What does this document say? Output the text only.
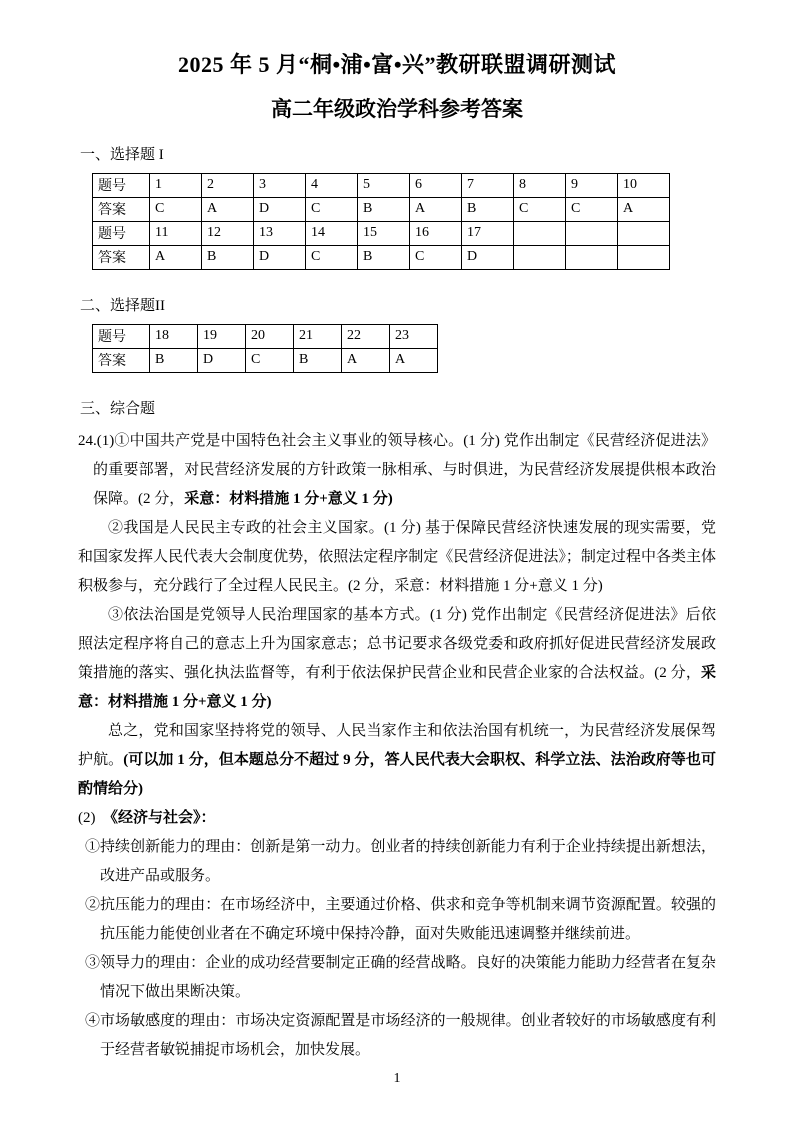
2025 年 5 月“桐•浦•富•兴”教研联盟调研测试
高二年级政治学科参考答案
一、选择题 I
题号	1	2	3	4	5	6	7	8	9	10
答案	C	A	D	C	B	A	B	C	C	A
题号	11	12	13	14	15	16	17			
答案	A	B	D	C	B	C	D			
二、选择题II
题号	18	19	20	21	22	23
答案	B	D	C	B	A	A
三、综合题

24.(1)①中国共产党是中国特色社会主义事业的领导核心。(1 分) 党作出制定《民营经济促进法》的重要部署，对民营经济发展的方针政策一脉相承、与时俱进，为民营经济发展提供根本政治保障。(2 分，采意：材料措施 1 分+意义 1 分)

②我国是人民民主专政的社会主义国家。(1 分) 基于保障民营经济快速发展的现实需要，党和国家发挥人民代表大会制度优势，依照法定程序制定《民营经济促进法》；制定过程中各类主体积极参与，充分践行了全过程人民民主。(2 分，采意：材料措施 1 分+意义 1 分)

③依法治国是党领导人民治理国家的基本方式。(1 分) 党作出制定《民营经济促进法》后依照法定程序将自己的意志上升为国家意志；总书记要求各级党委和政府抓好促进民营经济发展政策措施的落实、强化执法监督等，有利于依法保护民营企业和民营企业家的合法权益。(2 分，采意：材料措施 1 分+意义 1 分)

总之，党和国家坚持将党的领导、人民当家作主和依法治国有机统一，为民营经济发展保驾护航。(可以加 1 分，但本题总分不超过 9 分，答人民代表大会职权、科学立法、法治政府等也可酌情给分)

(2)　《经济与社会》：

①持续创新能力的理由：创新是第一动力。创业者的持续创新能力有利于企业持续提出新想法，改进产品或服务。

②抗压能力的理由：在市场经济中，主要通过价格、供求和竞争等机制来调节资源配置。较强的抗压能力能使创业者在不确定环境中保持冷静，面对失败能迅速调整并继续前进。

③领导力的理由：企业的成功经营要制定正确的经营战略。良好的决策能力能助力经营者在复杂情况下做出果断决策。

④市场敏感度的理由：市场决定资源配置是市场经济的一般规律。创业者较好的市场敏感度有利于经营者敏锐捕捉市场机会，加快发展。

1
